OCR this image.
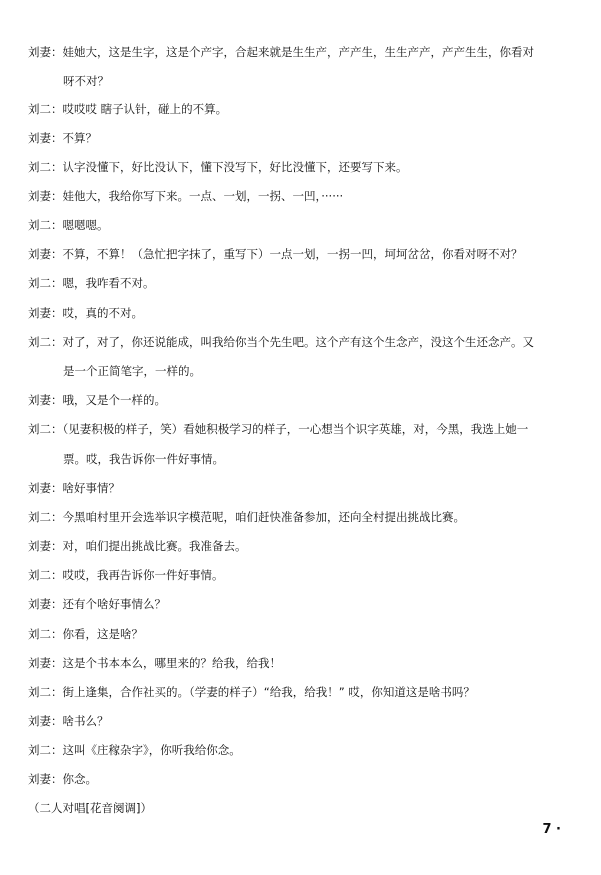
刘妻：娃她大，这是生字，这是个产字，合起来就是生生产，产产生，生生产产，产产生生，你看对
呀不对？
刘二：哎哎哎 瞎子认针，碰上的不算。
刘妻：不算？
刘二：认字没懂下，好比没认下，懂下没写下，好比没懂下，还要写下来。
刘妻：娃他大，我给你写下来。一点、一划，一拐、一凹，······
刘二：嗯嗯嗯。
刘妻：不算，不算！（急忙把字抹了，重写下）一点一划，一拐一凹，坷坷岔岔，你看对呀不对？
刘二：嗯，我咋看不对。
刘妻：哎，真的不对。
刘二：对了，对了，你还说能成，叫我给你当个先生吧。这个产有这个生念产，没这个生还念产。又
是一个正简笔字，一样的。
刘妻：哦，又是个一样的。
刘二：（见妻积极的样子，笑）看她积极学习的样子，一心想当个识字英雄，对，今黑，我选上她一
票。哎，我告诉你一件好事情。
刘妻：啥好事情？
刘二：今黑咱村里开会选举识字模范呢，咱们赶快准备参加，还向全村提出挑战比赛。
刘妻：对，咱们提出挑战比赛。我准备去。
刘二：哎哎，我再告诉你一件好事情。
刘妻：还有个啥好事情么？
刘二：你看，这是啥？
刘妻：这是个书本本么，哪里来的？给我，给我！
刘二：街上逢集，合作社买的。（学妻的样子）“给我，给我！” 哎，你知道这是啥书吗？
刘妻：啥书么？
刘二：这叫《庄稼杂字》，你听我给你念。
刘妻：你念。
（二人对唱[花音阕调]）
7 ·
